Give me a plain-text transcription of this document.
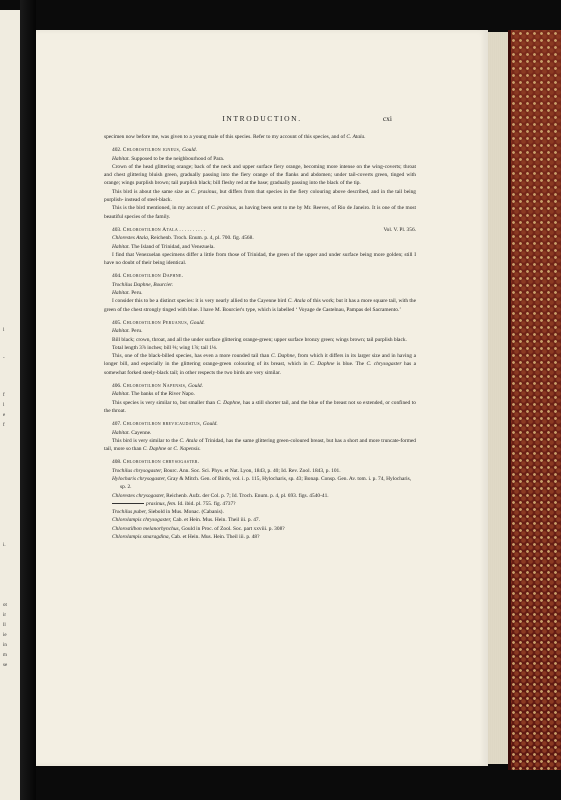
l
-
f
l
e
f
i.
ot
ir
ll
ie
in
m
se
INTRODUCTION.	cxi

specimen now before me, was given to a young male of this species. Refer to my account of this species, and of C. Atala.

402. Chlorostilbon igneus, Gould.

Habitat. Supposed to be the neighbourhood of Para.

Crown of the head glittering orange; back of the neck and upper surface fiery orange, becoming more intense on the wing-coverts; throat and chest glittering bluish green, gradually passing into the fiery orange of the flanks and abdomen; under tail-coverts green, tinged with orange; wings purplish brown; tail purplish black; bill fleshy red at the base; gradually passing into the black of the tip.

This bird is about the same size as C. prasinus, but differs from that species in the fiery colouring above described, and in the tail being purplish- instead of steel-black.

This is the bird mentioned, in my account of C. prasinus, as having been sent to me by Mr. Reeves, of Rio de Janeiro. It is one of the most beautiful species of the family.

403. Chlorostilbon Atala . . . . . . . . . .	Vol. V. Pl. 356.

Chlorestes Atala, Reichenb. Troch. Enum. p. 4, pl. 700. fig. 4568.

Habitat. The Island of Trinidad, and Venezuela.

I find that Venezuelan specimens differ a little from those of Trinidad, the green of the upper and under surface being more golden; still I have no doubt of their being identical.

404. Chlorostilbon Daphne.

Trochilus Daphne, Bourcier.

Habitat. Peru.

I consider this to be a distinct species: it is very nearly allied to the Cayenne bird C. Atala of this work; but it has a more square tail, with the green of the chest strongly tinged with blue. I have M. Bourcier's type, which is labelled ‘ Voyage de Castelnau, Pampas del Sacramento.’

405. Chlorostilbon Peruanus, Gould.

Habitat. Peru.

Bill black; crown, throat, and all the under surface glittering orange-green; upper surface bronzy green; wings brown; tail purplish black.

Total length 3⅞ inches; bill ⅝; wing 1⅞; tail 1⅛.

This, one of the black-billed species, has even a more rounded tail than C. Daphne, from which it differs in its larger size and in having a longer bill, and especially in the glittering orange-green colouring of its breast, which in C. Daphne is blue. The C. chrysogaster has a somewhat forked steely-black tail; in other respects the two birds are very similar.

406. Chlorostilbon Napensis, Gould.

Habitat. The banks of the River Napo.

This species is very similar to, but smaller than C. Daphne, has a still shorter tail, and the blue of the breast not so extended, or confined to the throat.

407. Chlorostilbon brevicaudatus, Gould.

Habitat. Cayenne.

This bird is very similar to the C. Atala of Trinidad, has the same glittering green-coloured breast, but has a short and more truncate-formed tail, more so than C. Daphne or C. Napensis.

408. Chlorostilbon chrysogaster.

Trochilus chrysogaster, Bourc. Ann. Soc. Sci. Phys. et Nat. Lyon, 1843, p. 40; Id. Rev. Zool. 1843, p. 101.

Hylocharis chrysogaster, Gray & Mitch. Gen. of Birds, vol. i. p. 115, Hylocharis, sp. 43; Bonap. Consp. Gen. Av. tom. i. p. 74, Hylocharis, sp. 2.

Chlorestes chrysogaster, Reichenb. Aufz. der Col. p. 7; Id. Troch. Enum. p. 4, pl. 693. figs. 4540-41.

prasinus, fem. Id. ibid. pl. 755. fig. 4737?

Trochilus puber, Siebold in Mus. Monac. (Cabanis).

Chlorolampis chrysogaster, Cab. et Hein. Mus. Hein. Theil iii. p. 47.

Chlorostilbon melanorhynchus, Gould in Proc. of Zool. Soc. part xxviii. p. 308?

Chlorolampis smaragdina, Cab. et Hein. Mus. Hein. Theil iii. p. 48?
